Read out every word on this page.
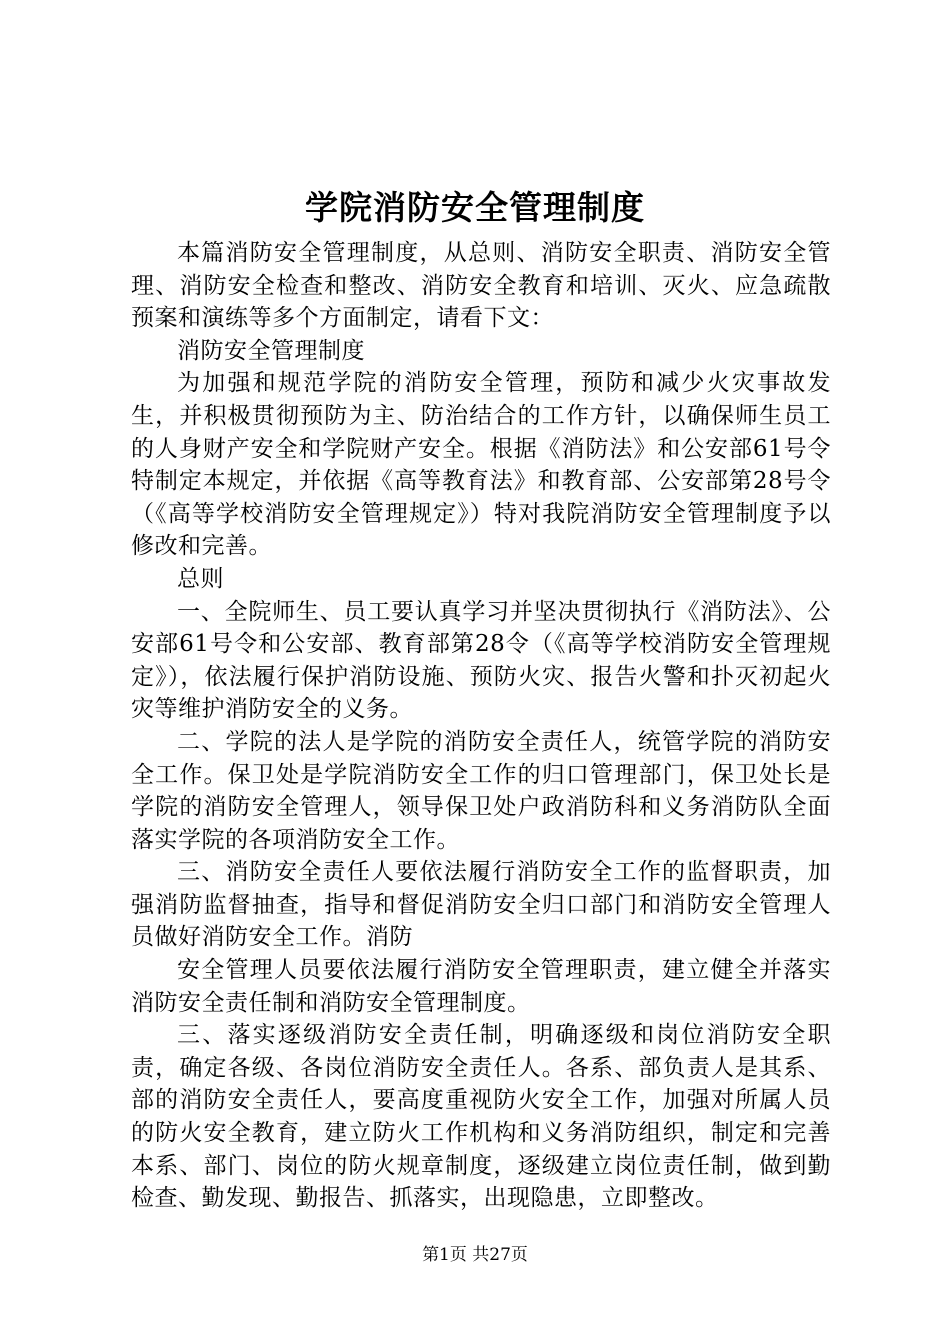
学院消防安全管理制度

本篇消防安全管理制度，从总则、消防安全职责、消防安全管理、消防安全检查和整改、消防安全教育和培训、灭火、应急疏散预案和演练等多个方面制定，请看下文：

消防安全管理制度

为加强和规范学院的消防安全管理，预防和减少火灾事故发生，并积极贯彻预防为主、防治结合的工作方针，以确保师生员工的人身财产安全和学院财产安全。根据《消防法》和公安部61号令特制定本规定，并依据《高等教育法》和教育部、公安部第28号令（《高等学校消防安全管理规定》）特对我院消防安全管理制度予以修改和完善。

总则

一、全院师生、员工要认真学习并坚决贯彻执行《消防法》、公安部61号令和公安部、教育部第28令（《高等学校消防安全管理规定》），依法履行保护消防设施、预防火灾、报告火警和扑灭初起火灾等维护消防安全的义务。

二、学院的法人是学院的消防安全责任人，统管学院的消防安全工作。保卫处是学院消防安全工作的归口管理部门，保卫处长是学院的消防安全管理人，领导保卫处户政消防科和义务消防队全面落实学院的各项消防安全工作。

三、消防安全责任人要依法履行消防安全工作的监督职责，加强消防监督抽查，指导和督促消防安全归口部门和消防安全管理人员做好消防安全工作。消防

安全管理人员要依法履行消防安全管理职责，建立健全并落实消防安全责任制和消防安全管理制度。

三、落实逐级消防安全责任制，明确逐级和岗位消防安全职责，确定各级、各岗位消防安全责任人。各系、部负责人是其系、部的消防安全责任人，要高度重视防火安全工作，加强对所属人员的防火安全教育，建立防火工作机构和义务消防组织，制定和完善本系、部门、岗位的防火规章制度，逐级建立岗位责任制，做到勤检查、勤发现、勤报告、抓落实，出现隐患，立即整改。

第1页 共27页
